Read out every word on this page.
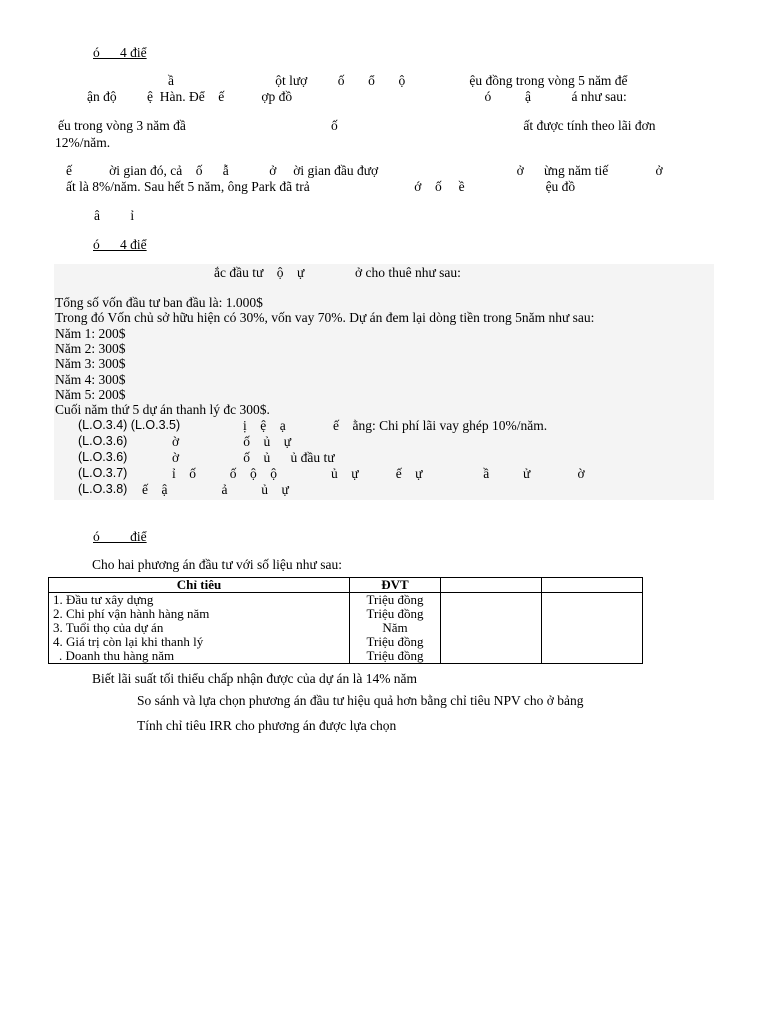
ó      4 điể
ầ                              ột lượ         ố       ổ       ộ                   ệu đồng trong vòng 5 năm để
ận độ         ệ  Hàn. Để    ế           ợp đồ                                                         ó          ậ            á như sau:
ếu trong vòng 3 năm đầ                                           ố                                                       ất được tính theo lãi đơn
12%/năm.
ế           ời gian đó, cả    ố      ẫ            ở     ời gian đầu đượ                                         ở      ừng năm tiế              ở
ất là 8%/năm. Sau hết 5 năm, ông Park đã trả                               ớ    ố     ề                        ệu đồ
â         ỉ
ó      4 điể
ắc đầu tư    ộ    ự               ở cho thuê như sau:
Tổng số vốn đầu tư ban đầu là: 1.000$
Trong đó Vốn chủ sở hữu hiện có 30%, vốn vay 70%. Dự án đem lại dòng tiền trong 5năm như sau:
Năm 1: 200$
Năm 2: 300$
Năm 3: 300$
Năm 4: 300$
Năm 5: 200$
Cuối năm thứ 5 dự án thanh lý đc 300$.
(L.O.3.4) (L.O.3.5)	ị    ệ    ạ              ế    ằng: Chi phí lãi vay ghép 10%/năm.
(L.O.3.6)	ờ                   ố    ủ    ự
(L.O.3.6)	ờ                   ố    ủ      ủ đầu tư
(L.O.3.7)	ỉ    ố          ố    ộ    ộ                ủ    ự           ế    ự                  ầ          ử              ờ
(L.O.3.8) ế    ậ                ả          ủ    ự
ó         điể
Cho hai phương án đầu tư với số liệu như sau:
Chỉ tiêu	ĐVT		
1. Đầu tư xây dựng	Triệu đồng		
2. Chi phí vận hành hàng năm	Triệu đồng		
3. Tuổi thọ của dự án	Năm		
4. Giá trị còn lại khi thanh lý	Triệu đồng		
. Doanh thu hàng năm	Triệu đồng		
Biết lãi suất tối thiểu chấp nhận được của dự án là 14% năm
So sánh và lựa chọn phương án đầu tư hiệu quả hơn bằng chỉ tiêu NPV cho ở bảng
Tính chỉ tiêu IRR cho phương án được lựa chọn
